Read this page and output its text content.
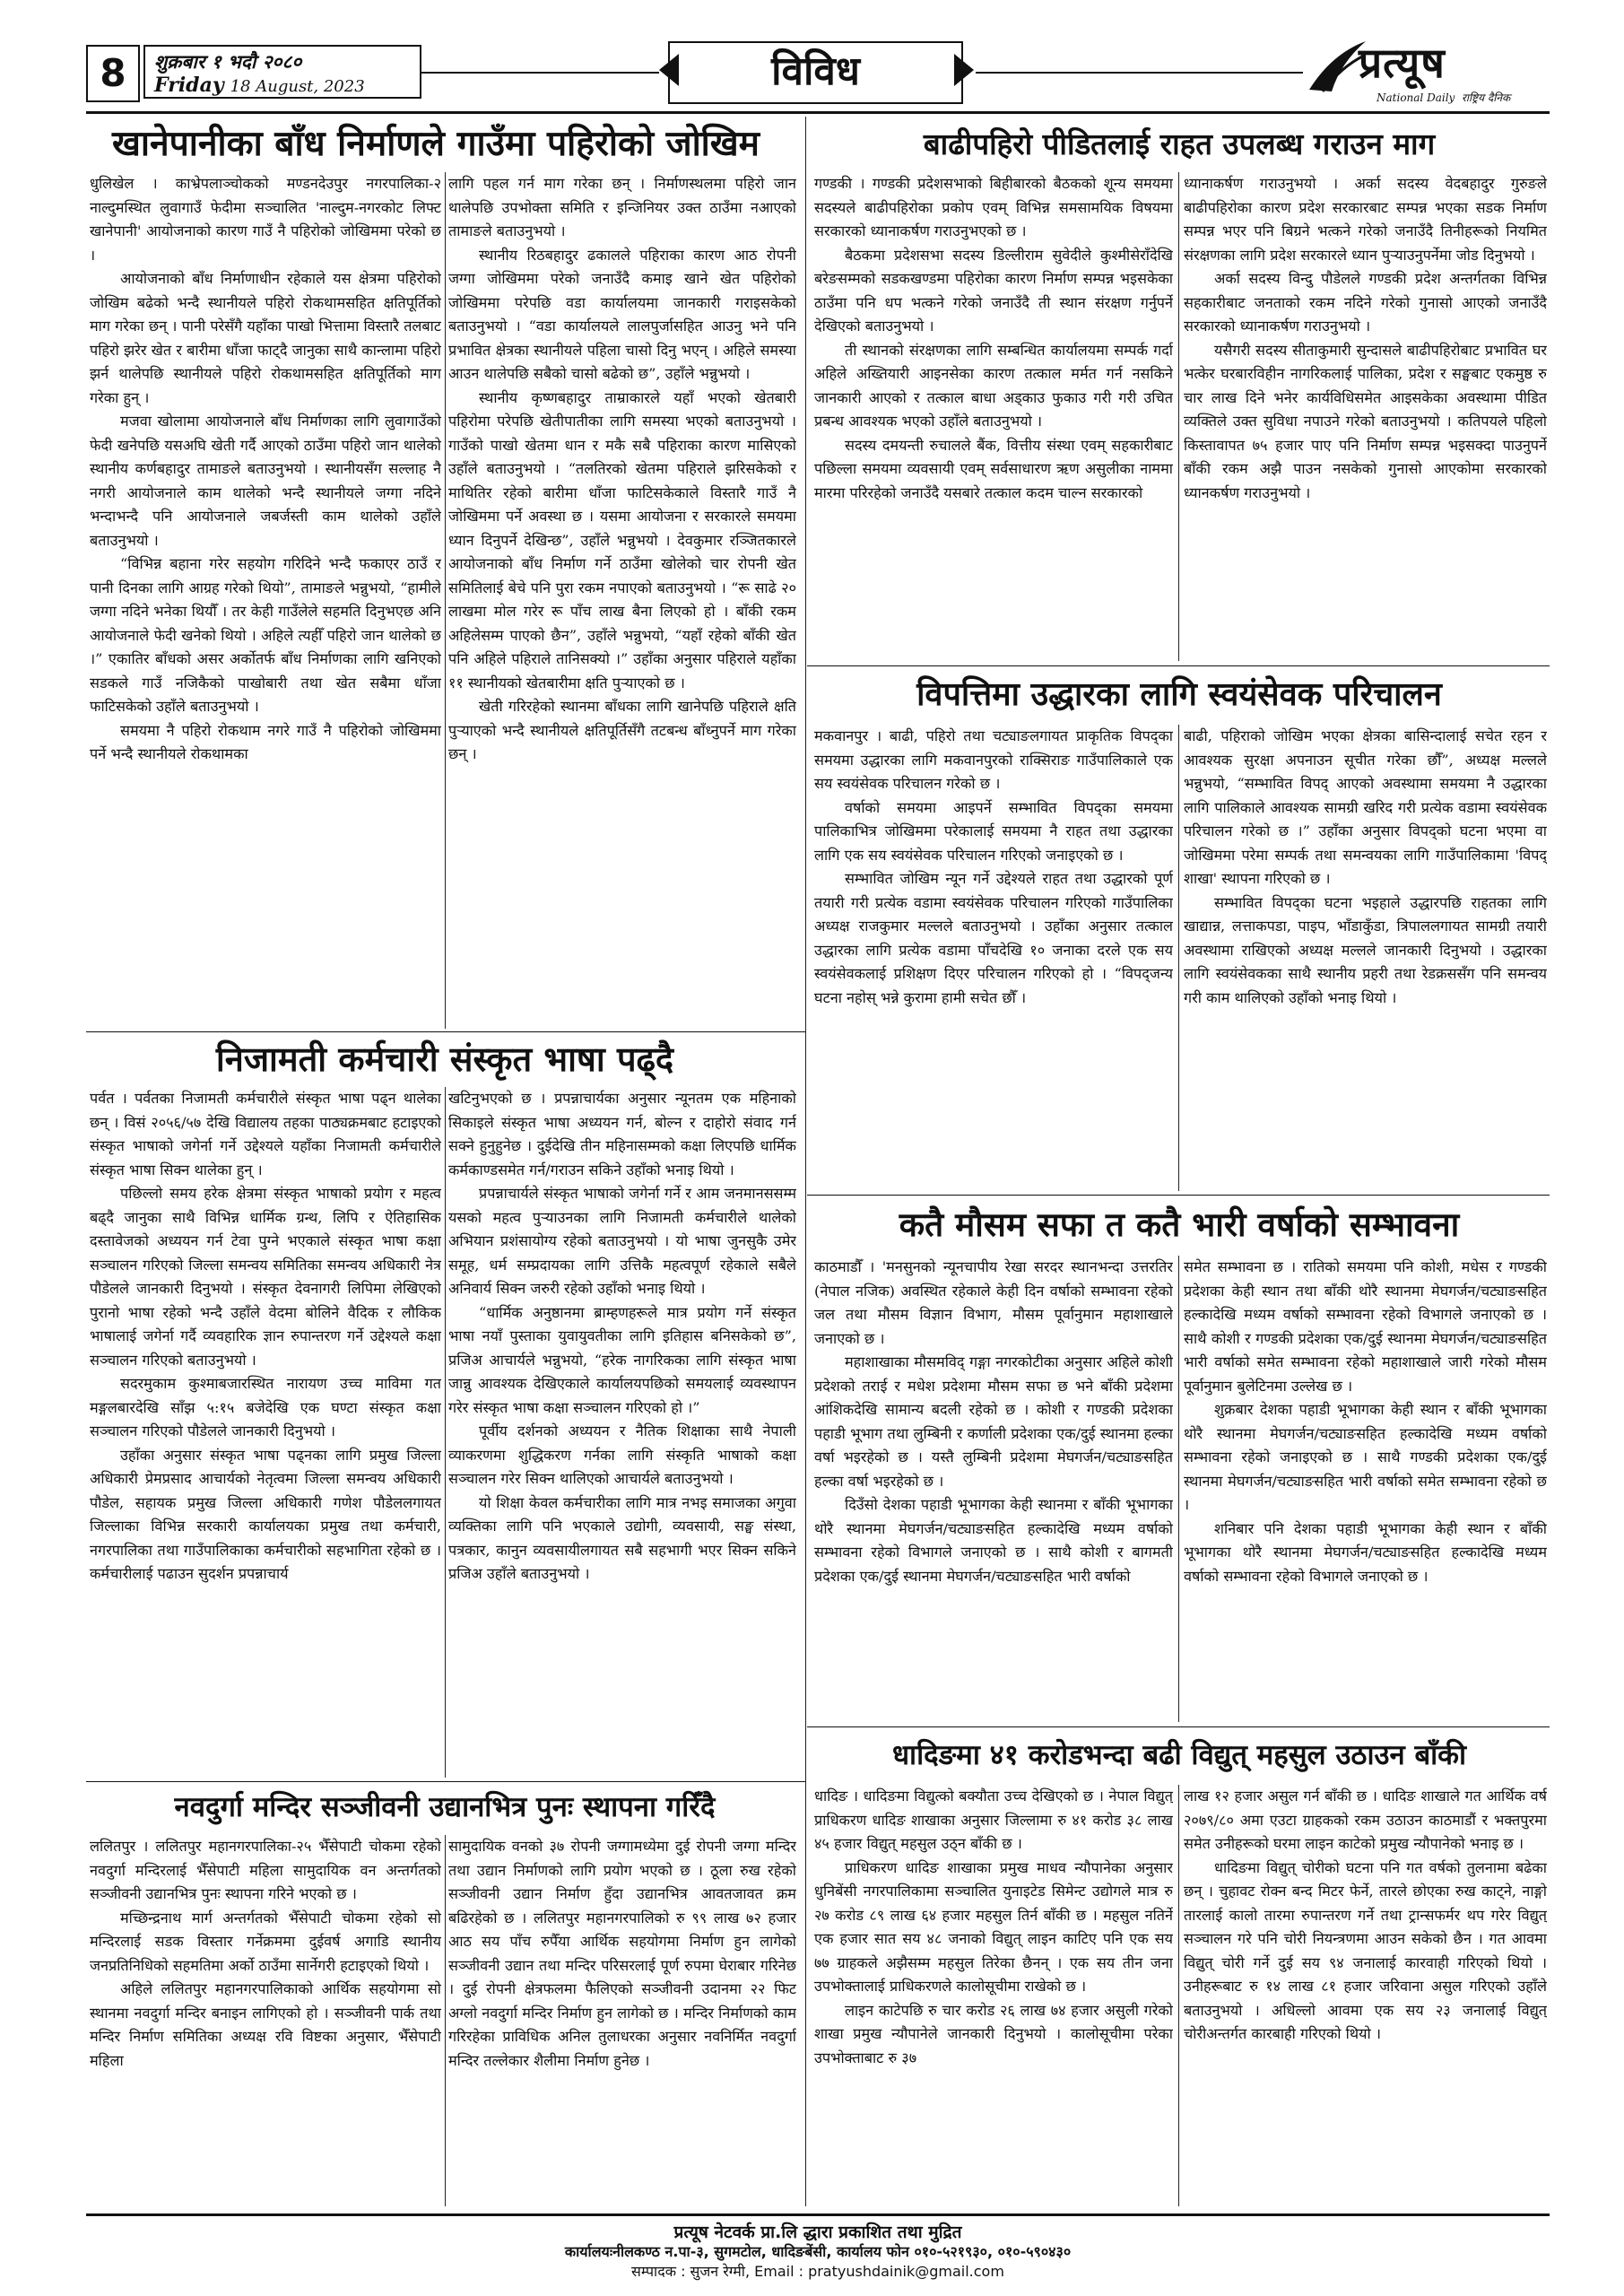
8	शुक्रबार १ भदौ २०८०
Friday 18 August, 2023	विविध	प्रत्यूष
National Daily राष्ट्रिय दैनिक
खानेपानीका बाँध निर्माणले गाउँमा पहिरोको जोखिम

धुलिखेल । काभ्रेपलाञ्चोकको मण्डनदेउपुर नगरपालिका-२ नाल्दुमस्थित लुवागाउँ फेदीमा सञ्चालित 'नाल्दुम-नगरकोट लिफ्ट खानेपानी' आयोजनाको कारण गाउँ नै पहिरोको जोखिममा परेको छ ।

आयोजनाको बाँध निर्माणाधीन रहेकाले यस क्षेत्रमा पहिरोको जोखिम बढेको भन्दै स्थानीयले पहिरो रोकथामसहित क्षतिपूर्तिको माग गरेका छन् । पानी परेसँगै यहाँका पाखो भित्तामा विस्तारै तलबाट पहिरो झरेर खेत र बारीमा धाँजा फाट्दै जानुका साथै कान्लामा पहिरो झर्न थालेपछि स्थानीयले पहिरो रोकथामसहित क्षतिपूर्तिको माग गरेका हुन् ।

मजवा खोलामा आयोजनाले बाँध निर्माणका लागि लुवागाउँको फेदी खनेपछि यसअघि खेती गर्दै आएको ठाउँमा पहिरो जान थालेको स्थानीय कर्णबहादुर तामाङले बताउनुभयो । स्थानीयसँग सल्लाह नै नगरी आयोजनाले काम थालेको भन्दै स्थानीयले जग्गा नदिने भन्दाभन्दै पनि आयोजनाले जबर्जस्ती काम थालेको उहाँले बताउनुभयो ।

“विभिन्न बहाना गरेर सहयोग गरिदिने भन्दै फकाएर ठाउँ र पानी दिनका लागि आग्रह गरेको थियो”, तामाङले भन्नुभयो, “हामीले जग्गा नदिने भनेका थियौँ । तर केही गाउँलेले सहमति दिनुभएछ अनि आयोजनाले फेदी खनेको थियो । अहिले त्यहीँ पहिरो जान थालेको छ ।” एकातिर बाँधको असर अर्कोतर्फ बाँध निर्माणका लागि खनिएको सडकले गाउँ नजिकैको पाखोबारी तथा खेत सबैमा धाँजा फाटिसकेको उहाँले बताउनुभयो ।

समयमा नै पहिरो रोकथाम नगरे गाउँ नै पहिरोको जोखिममा पर्ने भन्दै स्थानीयले रोकथामका

लागि पहल गर्न माग गरेका छन् । निर्माणस्थलमा पहिरो जान थालेपछि उपभोक्ता समिति र इन्जिनियर उक्त ठाउँमा नआएको तामाङले बताउनुभयो ।

स्थानीय रिठबहादुर ढकालले पहिराका कारण आठ रोपनी जग्गा जोखिममा परेको जनाउँदै कमाइ खाने खेत पहिरोको जोखिममा परेपछि वडा कार्यालयमा जानकारी गराइसकेको बताउनुभयो । “वडा कार्यालयले लालपुर्जासहित आउनु भने पनि प्रभावित क्षेत्रका स्थानीयले पहिला चासो दिनु भएन् । अहिले समस्या आउन थालेपछि सबैको चासो बढेको छ”, उहाँले भन्नुभयो ।

स्थानीय कृष्णबहादुर ताम्राकारले यहाँ भएको खेतबारी पहिरोमा परेपछि खेतीपातीका लागि समस्या भएको बताउनुभयो । गाउँको पाखो खेतमा धान र मकै सबै पहिराका कारण मासिएको उहाँले बताउनुभयो । “तलतिरको खेतमा पहिराले झरिसकेको र माथितिर रहेको बारीमा धाँजा फाटिसकेकाले विस्तारै गाउँ नै जोखिममा पर्ने अवस्था छ । यसमा आयोजना र सरकारले समयमा ध्यान दिनुपर्ने देखिन्छ”, उहाँले भन्नुभयो । देवकुमार रञ्जितकारले आयोजनाको बाँध निर्माण गर्ने ठाउँमा खोलेको चार रोपनी खेत समितिलाई बेचे पनि पुरा रकम नपाएको बताउनुभयो । “रू साढे २० लाखमा मोल गरेर रू पाँच लाख बैना लिएको हो । बाँकी रकम अहिलेसम्म पाएको छैन”, उहाँले भन्नुभयो, “यहाँ रहेको बाँकी खेत पनि अहिले पहिराले तानिसक्यो ।” उहाँका अनुसार पहिराले यहाँका ११ स्थानीयको खेतबारीमा क्षति पुऱ्याएको छ ।

खेती गरिरहेको स्थानमा बाँधका लागि खानेपछि पहिराले क्षति पुऱ्याएको भन्दै स्थानीयले क्षतिपूर्तिसँगै तटबन्ध बाँध्नुपर्ने माग गरेका छन् ।

बाढीपहिरो पीडितलाई राहत उपलब्ध गराउन माग

गण्डकी । गण्डकी प्रदेशसभाको बिहीबारको बैठकको शून्य समयमा सदस्यले बाढीपहिरोका प्रकोप एवम् विभिन्न समसामयिक विषयमा सरकारको ध्यानाकर्षण गराउनुभएको छ ।

बैठकमा प्रदेशसभा सदस्य डिल्लीराम सुवेदीले कुश्मीसेराँदेखि बरेङसम्मको सडकखण्डमा पहिरोका कारण निर्माण सम्पन्न भइसकेका ठाउँमा पनि धप भत्कने गरेको जनाउँदै ती स्थान संरक्षण गर्नुपर्ने देखिएको बताउनुभयो ।

ती स्थानको संरक्षणका लागि सम्बन्धित कार्यालयमा सम्पर्क गर्दा अहिले अख्तियारी आइनसेका कारण तत्काल मर्मत गर्न नसकिने जानकारी आएको र तत्काल बाधा अड्काउ फुकाउ गरी गरी उचित प्रबन्ध आवश्यक भएको उहाँले बताउनुभयो ।

सदस्य दमयन्ती रुचालले बैंक, वित्तीय संस्था एवम् सहकारीबाट पछिल्ला समयमा व्यवसायी एवम् सर्वसाधारण ऋण असुलीका नाममा मारमा परिरहेको जनाउँदै यसबारे तत्काल कदम चाल्न सरकारको

ध्यानाकर्षण गराउनुभयो । अर्का सदस्य वेदबहादुर गुरुङले बाढीपहिरोका कारण प्रदेश सरकारबाट सम्पन्न भएका सडक निर्माण सम्पन्न भएर पनि बिग्रने भत्कने गरेको जनाउँदै तिनीहरूको नियमित संरक्षणका लागि प्रदेश सरकारले ध्यान पुऱ्याउनुपर्नेमा जोड दिनुभयो ।

अर्का सदस्य विन्दु पौडेलले गण्डकी प्रदेश अन्तर्गतका विभिन्न सहकारीबाट जनताको रकम नदिने गरेको गुनासो आएको जनाउँदै सरकारको ध्यानाकर्षण गराउनुभयो ।

यसैगरी सदस्य सीताकुमारी सुन्दासले बाढीपहिरोबाट प्रभावित घर भत्केर घरबारविहीन नागरिकलाई पालिका, प्रदेश र सङ्घबाट एकमुष्ठ रु चार लाख दिने भनेर कार्यविधिसमेत आइसकेका अवस्थामा पीडित व्यक्तिले उक्त सुविधा नपाउने गरेको बताउनुभयो । कतिपयले पहिलो किस्तावापत ७५ हजार पाए पनि निर्माण सम्पन्न भइसक्दा पाउनुपर्ने बाँकी रकम अझै पाउन नसकेको गुनासो आएकोमा सरकारको ध्यानकर्षण गराउनुभयो ।

विपत्तिमा उद्धारका लागि स्वयंसेवक परिचालन

मकवानपुर । बाढी, पहिरो तथा चट्याङलगायत प्राकृतिक विपद्का समयमा उद्धारका लागि मकवानपुरको राक्सिराङ गाउँपालिकाले एक सय स्वयंसेवक परिचालन गरेको छ ।

वर्षाको समयमा आइपर्ने सम्भावित विपद्का समयमा पालिकाभित्र जोखिममा परेकालाई समयमा नै राहत तथा उद्धारका लागि एक सय स्वयंसेवक परिचालन गरिएको जनाइएको छ ।

सम्भावित जोखिम न्यून गर्ने उद्देश्यले राहत तथा उद्धारको पूर्ण तयारी गरी प्रत्येक वडामा स्वयंसेवक परिचालन गरिएको गाउँपालिका अध्यक्ष राजकुमार मल्लले बताउनुभयो । उहाँका अनुसार तत्काल उद्धारका लागि प्रत्येक वडामा पाँचदेखि १० जनाका दरले एक सय स्वयंसेवकलाई प्रशिक्षण दिएर परिचालन गरिएको हो । “विपद्जन्य घटना नहोस् भन्ने कुरामा हामी सचेत छौँ ।

बाढी, पहिराको जोखिम भएका क्षेत्रका बासिन्दालाई सचेत रहन र आवश्यक सुरक्षा अपनाउन सूचीत गरेका छौँ”, अध्यक्ष मल्लले भन्नुभयो, “सम्भावित विपद् आएको अवस्थामा समयमा नै उद्धारका लागि पालिकाले आवश्यक सामग्री खरिद गरी प्रत्येक वडामा स्वयंसेवक परिचालन गरेको छ ।” उहाँका अनुसार विपद्को घटना भएमा वा जोखिममा परेमा सम्पर्क तथा समन्वयका लागि गाउँपालिकामा 'विपद् शाखा' स्थापना गरिएको छ ।

सम्भावित विपद्का घटना भइहाले उद्धारपछि राहतका लागि खाद्यान्न, लत्ताकपडा, पाइप, भाँडाकुँडा, त्रिपाललगायत सामग्री तयारी अवस्थामा राखिएको अध्यक्ष मल्लले जानकारी दिनुभयो । उद्धारका लागि स्वयंसेवकका साथै स्थानीय प्रहरी तथा रेडक्रससँग पनि समन्वय गरी काम थालिएको उहाँको भनाइ थियो ।

निजामती कर्मचारी संस्कृत भाषा पढ्दै

पर्वत । पर्वतका निजामती कर्मचारीले संस्कृत भाषा पढ्न थालेका छन् । विसं २०५६/५७ देखि विद्यालय तहका पाठ्यक्रमबाट हटाइएको संस्कृत भाषाको जगेर्ना गर्ने उद्देश्यले यहाँका निजामती कर्मचारीले संस्कृत भाषा सिक्न थालेका हुन् ।

पछिल्लो समय हरेक क्षेत्रमा संस्कृत भाषाको प्रयोग र महत्व बढ्दै जानुका साथै विभिन्न धार्मिक ग्रन्थ, लिपि र ऐतिहासिक दस्तावेजको अध्ययन गर्न टेवा पुग्ने भएकाले संस्कृत भाषा कक्षा सञ्चालन गरिएको जिल्ला समन्वय समितिका समन्वय अधिकारी नेत्र पौडेलले जानकारी दिनुभयो । संस्कृत देवनागरी लिपिमा लेखिएको पुरानो भाषा रहेको भन्दै उहाँले वेदमा बोलिने वैदिक र लौकिक भाषालाई जगेर्ना गर्दै व्यवहारिक ज्ञान रुपान्तरण गर्ने उद्देश्यले कक्षा सञ्चालन गरिएको बताउनुभयो ।

सदरमुकाम कुश्माबजारस्थित नारायण उच्च माविमा गत मङ्गलबारदेखि साँझ ५:१५ बजेदेखि एक घण्टा संस्कृत कक्षा सञ्चालन गरिएको पौडेलले जानकारी दिनुभयो ।

उहाँका अनुसार संस्कृत भाषा पढ्नका लागि प्रमुख जिल्ला अधिकारी प्रेमप्रसाद आचार्यको नेतृत्वमा जिल्ला समन्वय अधिकारी पौडेल, सहायक प्रमुख जिल्ला अधिकारी गणेश पौडेललगायत जिल्लाका विभिन्न सरकारी कार्यालयका प्रमुख तथा कर्मचारी, नगरपालिका तथा गाउँपालिकाका कर्मचारीको सहभागिता रहेको छ । कर्मचारीलाई पढाउन सुदर्शन प्रपन्नाचार्य

खटिनुभएको छ । प्रपन्नाचार्यका अनुसार न्यूनतम एक महिनाको सिकाइले संस्कृत भाषा अध्ययन गर्न, बोल्न र दाहोरो संवाद गर्न सक्ने हुनुहुनेछ । दुईदेखि तीन महिनासम्मको कक्षा लिएपछि धार्मिक कर्मकाण्डसमेत गर्न/गराउन सकिने उहाँको भनाइ थियो ।

प्रपन्नाचार्यले संस्कृत भाषाको जगेर्ना गर्ने र आम जनमानससम्म यसको महत्व पुऱ्याउनका लागि निजामती कर्मचारीले थालेको अभियान प्रशंसायोग्य रहेको बताउनुभयो । यो भाषा जुनसुकै उमेर समूह, धर्म सम्प्रदायका लागि उत्तिकै महत्वपूर्ण रहेकाले सबैले अनिवार्य सिक्न जरुरी रहेको उहाँको भनाइ थियो ।

“धार्मिक अनुष्ठानमा ब्राम्हणहरूले मात्र प्रयोग गर्ने संस्कृत भाषा नयाँ पुस्ताका युवायुवतीका लागि इतिहास बनिसकेको छ”, प्रजिअ आचार्यले भन्नुभयो, “हरेक नागरिकका लागि संस्कृत भाषा जान्नु आवश्यक देखिएकाले कार्यालयपछिको समयलाई व्यवस्थापन गरेर संस्कृत भाषा कक्षा सञ्चालन गरिएको हो ।”

पूर्वीय दर्शनको अध्ययन र नैतिक शिक्षाका साथै नेपाली व्याकरणमा शुद्धिकरण गर्नका लागि संस्कृति भाषाको कक्षा सञ्चालन गरेर सिक्न थालिएको आचार्यले बताउनुभयो ।

यो शिक्षा केवल कर्मचारीका लागि मात्र नभइ समाजका अगुवा व्यक्तिका लागि पनि भएकाले उद्योगी, व्यवसायी, सङ्घ संस्था, पत्रकार, कानुन व्यवसायीलगायत सबै सहभागी भएर सिक्न सकिने प्रजिअ उहाँले बताउनुभयो ।

कतै मौसम सफा त कतै भारी वर्षाको सम्भावना

काठमाडौँ । 'मनसुनको न्यूनचापीय रेखा सरदर स्थानभन्दा उत्तरतिर (नेपाल नजिक) अवस्थित रहेकाले केही दिन वर्षाको सम्भावना रहेको जल तथा मौसम विज्ञान विभाग, मौसम पूर्वानुमान महाशाखाले जनाएको छ ।

महाशाखाका मौसमविद् गङ्गा नगरकोटीका अनुसार अहिले कोशी प्रदेशको तराई र मधेश प्रदेशमा मौसम सफा छ भने बाँकी प्रदेशमा आंशिकदेखि सामान्य बदली रहेको छ । कोशी र गण्डकी प्रदेशका पहाडी भूभाग तथा लुम्बिनी र कर्णाली प्रदेशका एक/दुई स्थानमा हल्का वर्षा भइरहेको छ । यस्तै लुम्बिनी प्रदेशमा मेघगर्जन/चट्याङसहित हल्का वर्षा भइरहेको छ ।

दिउँसो देशका पहाडी भूभागका केही स्थानमा र बाँकी भूभागका थोरै स्थानमा मेघगर्जन/चट्याङसहित हल्कादेखि मध्यम वर्षाको सम्भावना रहेको विभागले जनाएको छ । साथै कोशी र बागमती प्रदेशका एक/दुई स्थानमा मेघगर्जन/चट्याङसहित भारी वर्षाको

समेत सम्भावना छ । रातिको समयमा पनि कोशी, मधेस र गण्डकी प्रदेशका केही स्थान तथा बाँकी थोरै स्थानमा मेघगर्जन/चट्याङसहित हल्कादेखि मध्यम वर्षाको सम्भावना रहेको विभागले जनाएको छ । साथै कोशी र गण्डकी प्रदेशका एक/दुई स्थानमा मेघगर्जन/चट्याङसहित भारी वर्षाको समेत सम्भावना रहेको महाशाखाले जारी गरेको मौसम पूर्वानुमान बुलेटिनमा उल्लेख छ ।

शुक्रबार देशका पहाडी भूभागका केही स्थान र बाँकी भूभागका थोरै स्थानमा मेघगर्जन/चट्याङसहित हल्कादेखि मध्यम वर्षाको सम्भावना रहेको जनाइएको छ । साथै गण्डकी प्रदेशका एक/दुई स्थानमा मेघगर्जन/चट्याङसहित भारी वर्षाको समेत सम्भावना रहेको छ ।

शनिबार पनि देशका पहाडी भूभागका केही स्थान र बाँकी भूभागका थोरै स्थानमा मेघगर्जन/चट्याङसहित हल्कादेखि मध्यम वर्षाको सम्भावना रहेको विभागले जनाएको छ ।

नवदुर्गा मन्दिर सञ्जीवनी उद्यानभित्र पुनः स्थापना गरिँदै

ललितपुर । ललितपुर महानगरपालिका-२५ भैँसेपाटी चोकमा रहेको नवदुर्गा मन्दिरलाई भैँसेपाटी महिला सामुदायिक वन अन्तर्गतको सञ्जीवनी उद्यानभित्र पुनः स्थापना गरिने भएको छ ।

मच्छिन्द्रनाथ मार्ग अन्तर्गतको भैँसेपाटी चोकमा रहेको सो मन्दिरलाई सडक विस्तार गर्नेक्रममा दुईवर्ष अगाडि स्थानीय जनप्रतिनिधिको सहमतिमा अर्को ठाउँमा सार्नेगरी हटाइएको थियो ।

अहिले ललितपुर महानगरपालिकाको आर्थिक सहयोगमा सो स्थानमा नवदुर्गा मन्दिर बनाइन लागिएको हो । सञ्जीवनी पार्क तथा मन्दिर निर्माण समितिका अध्यक्ष रवि विष्टका अनुसार, भैँसेपाटी महिला

सामुदायिक वनको ३७ रोपनी जग्गामध्येमा दुई रोपनी जग्गा मन्दिर तथा उद्यान निर्माणको लागि प्रयोग भएको छ । ठूला रुख रहेको सञ्जीवनी उद्यान निर्माण हुँदा उद्यानभित्र आवतजावत क्रम बढिरहेको छ । ललितपुर महानगरपालिको रु ९९ लाख ७२ हजार आठ सय पाँच रुपैँया आर्थिक सहयोगमा निर्माण हुन लागेको सञ्जीवनी उद्यान तथा मन्दिर परिसरलाई पूर्ण रुपमा घेराबार गरिनेछ । दुई रोपनी क्षेत्रफलमा फैलिएको सञ्जीवनी उदानमा २२ फिट अग्लो नवदुर्गा मन्दिर निर्माण हुन लागेको छ । मन्दिर निर्माणको काम गरिरहेका प्राविधिक अनिल तुलाधरका अनुसार नवनिर्मित नवदुर्गा मन्दिर तल्लेकार शैलीमा निर्माण हुनेछ ।

धादिङमा ४१ करोडभन्दा बढी विद्युत् महसुल उठाउन बाँकी

धादिङ । धादिङमा विद्युत्को बक्यौता उच्च देखिएको छ । नेपाल विद्युत् प्राधिकरण धादिङ शाखाका अनुसार जिल्लामा रु ४१ करोड ३८ लाख ४५ हजार विद्युत् महसुल उठ्न बाँकी छ ।

प्राधिकरण धादिङ शाखाका प्रमुख माधव न्यौपानेका अनुसार धुनिबेंसी नगरपालिकामा सञ्चालित युनाइटेड सिमेन्ट उद्योगले मात्र रु २७ करोड ८९ लाख ६४ हजार महसुल तिर्न बाँकी छ । महसुल नतिर्ने एक हजार सात सय ४८ जनाको विद्युत् लाइन काटिए पनि एक सय ७७ ग्राहकले अझैसम्म महसुल तिरेका छैनन् । एक सय तीन जना उपभोक्तालाई प्राधिकरणले कालोसूचीमा राखेको छ ।

लाइन काटेपछि रु चार करोड २६ लाख ७४ हजार असुली गरेको शाखा प्रमुख न्यौपानेले जानकारी दिनुभयो । कालोसूचीमा परेका उपभोक्ताबाट रु ३७

लाख १२ हजार असुल गर्न बाँकी छ । धादिङ शाखाले गत आर्थिक वर्ष २०७९/८० अमा एउटा ग्राहकको रकम उठाउन काठमाडौं र भक्तपुरमा समेत उनीहरूको घरमा लाइन काटेको प्रमुख न्यौपानेको भनाइ छ ।

धादिङमा विद्युत् चोरीको घटना पनि गत वर्षको तुलनामा बढेका छन् । चुहावट रोक्न बन्द मिटर फेर्ने, तारले छोएका रुख काट्ने, नाङ्गो तारलाई कालो तारमा रुपान्तरण गर्ने तथा ट्रान्सफर्मर थप गरेर विद्युत् सञ्चालन गरे पनि चोरी नियन्त्रणमा आउन सकेको छैन । गत आवमा विद्युत् चोरी गर्ने दुई सय ९४ जनालाई कारवाही गरिएको थियो । उनीहरूबाट रु १४ लाख ८१ हजार जरिवाना असुल गरिएको उहाँले बताउनुभयो । अधिल्लो आवमा एक सय २३ जनालाई विद्युत् चोरीअन्तर्गत कारबाही गरिएको थियो ।

प्रत्यूष नेटवर्क प्रा.लि द्धारा प्रकाशित तथा मुद्रित
कार्यालयःनीलकण्ठ न.पा-३, सुगमटोल, धादिङबेंसी, कार्यालय फोन ०१०-५२१९३०, ०१०-५९०४३०
सम्पादक : सुजन रेग्मी, Email : pratyushdainik@gmail.com
